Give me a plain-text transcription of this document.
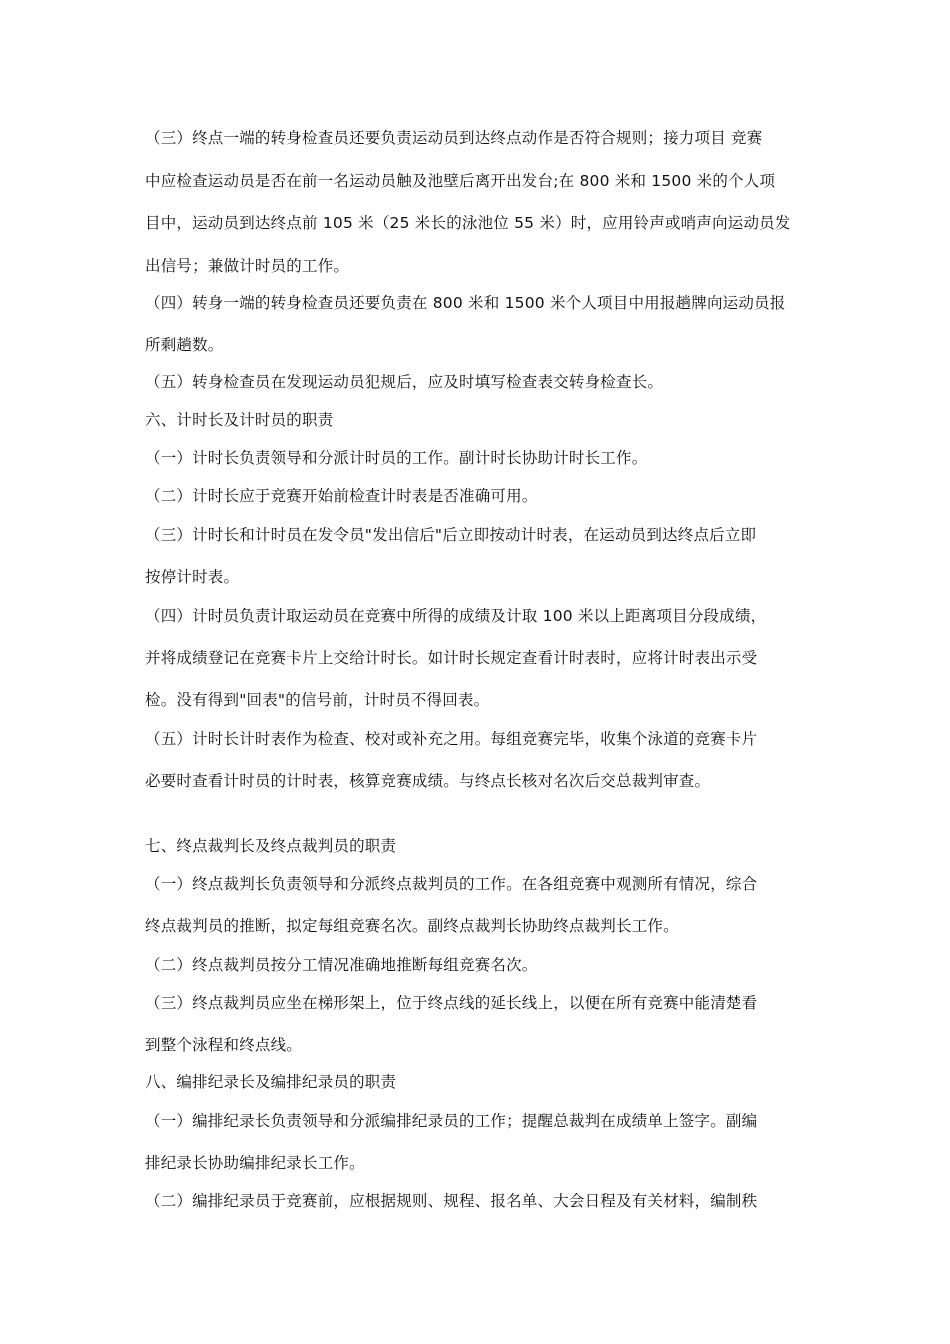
（三）终点一端的转身检查员还要负责运动员到达终点动作是否符合规则；接力项目 竞赛
中应检查运动员是否在前一名运动员触及池壁后离开出发台;在 800 米和 1500 米的个人项
目中，运动员到达终点前 105 米（25 米长的泳池位 55 米）时，应用铃声或哨声向运动员发
出信号；兼做计时员的工作。
（四）转身一端的转身检查员还要负责在 800 米和 1500 米个人项目中用报趟牌向运动员报
所剩趟数。
（五）转身检查员在发现运动员犯规后，应及时填写检查表交转身检查长。
六、计时长及计时员的职责
（一）计时长负责领导和分派计时员的工作。副计时长协助计时长工作。
（二）计时长应于竞赛开始前检查计时表是否准确可用。
（三）计时长和计时员在发令员"发出信后"后立即按动计时表，在运动员到达终点后立即
按停计时表。
（四）计时员负责计取运动员在竞赛中所得的成绩及计取 100 米以上距离项目分段成绩，
并将成绩登记在竞赛卡片上交给计时长。如计时长规定查看计时表时，应将计时表出示受
检。没有得到"回表"的信号前，计时员不得回表。
（五）计时长计时表作为检查、校对或补充之用。每组竞赛完毕，收集个泳道的竞赛卡片
必要时查看计时员的计时表，核算竞赛成绩。与终点长核对名次后交总裁判审查。
七、终点裁判长及终点裁判员的职责
（一）终点裁判长负责领导和分派终点裁判员的工作。在各组竞赛中观测所有情况，综合
终点裁判员的推断，拟定每组竞赛名次。副终点裁判长协助终点裁判长工作。
（二）终点裁判员按分工情况准确地推断每组竞赛名次。
（三）终点裁判员应坐在梯形架上，位于终点线的延长线上，以便在所有竞赛中能清楚看
到整个泳程和终点线。
八、编排纪录长及编排纪录员的职责
（一）编排纪录长负责领导和分派编排纪录员的工作；提醒总裁判在成绩单上签字。副编
排纪录长协助编排纪录长工作。
（二）编排纪录员于竞赛前，应根据规则、规程、报名单、大会日程及有关材料，编制秩
